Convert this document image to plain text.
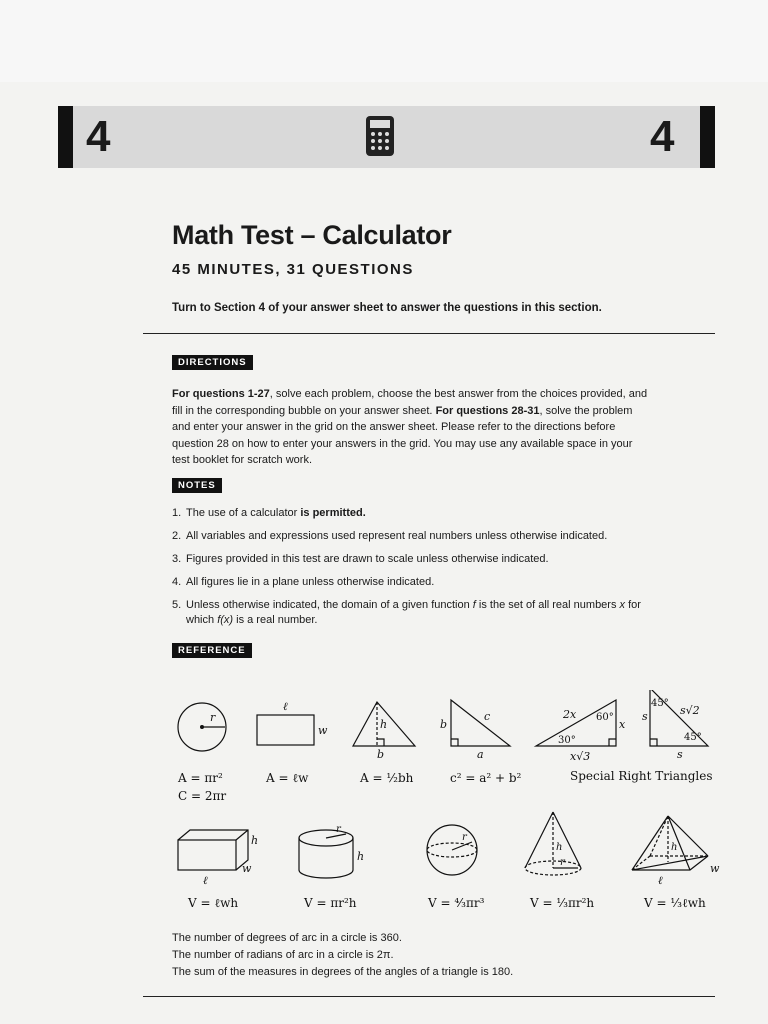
4	4
Math Test – Calculator
45 MINUTES, 31 QUESTIONS
Turn to Section 4 of your answer sheet to answer the questions in this section.
DIRECTIONS
For questions 1-27, solve each problem, choose the best answer from the choices provided, and fill in the corresponding bubble on your answer sheet. For questions 28-31, solve the problem and enter your answer in the grid on the answer sheet. Please refer to the directions before question 28 on how to enter your answers in the grid. You may use any available space in your test booklet for scratch work.
NOTES
1. The use of a calculator is permitted.
2. All variables and expressions used represent real numbers unless otherwise indicated.
3. Figures provided in this test are drawn to scale unless otherwise indicated.
4. All figures lie in a plane unless otherwise indicated.
5. Unless otherwise indicated, the domain of a given function f is the set of all real numbers x for
which f(x) is a real number.
REFERENCE
r
A = πr²
C = 2πr
ℓ
w
A = ℓw
h
b
A = ½bh
b
c
a
c² = a² + b²
2x 60°
x
30°
x√3
45°
45°
s	s√2
s
Special Right Triangles
h
w
ℓ
V = ℓwh
r
h
V = πr²h
r
V = ⁴⁄₃πr³
h
r
V = ⅓πr²h
h
w
ℓ
V = ⅓ℓwh
The number of degrees of arc in a circle is 360.
The number of radians of arc in a circle is 2π.
The sum of the measures in degrees of the angles of a triangle is 180.
